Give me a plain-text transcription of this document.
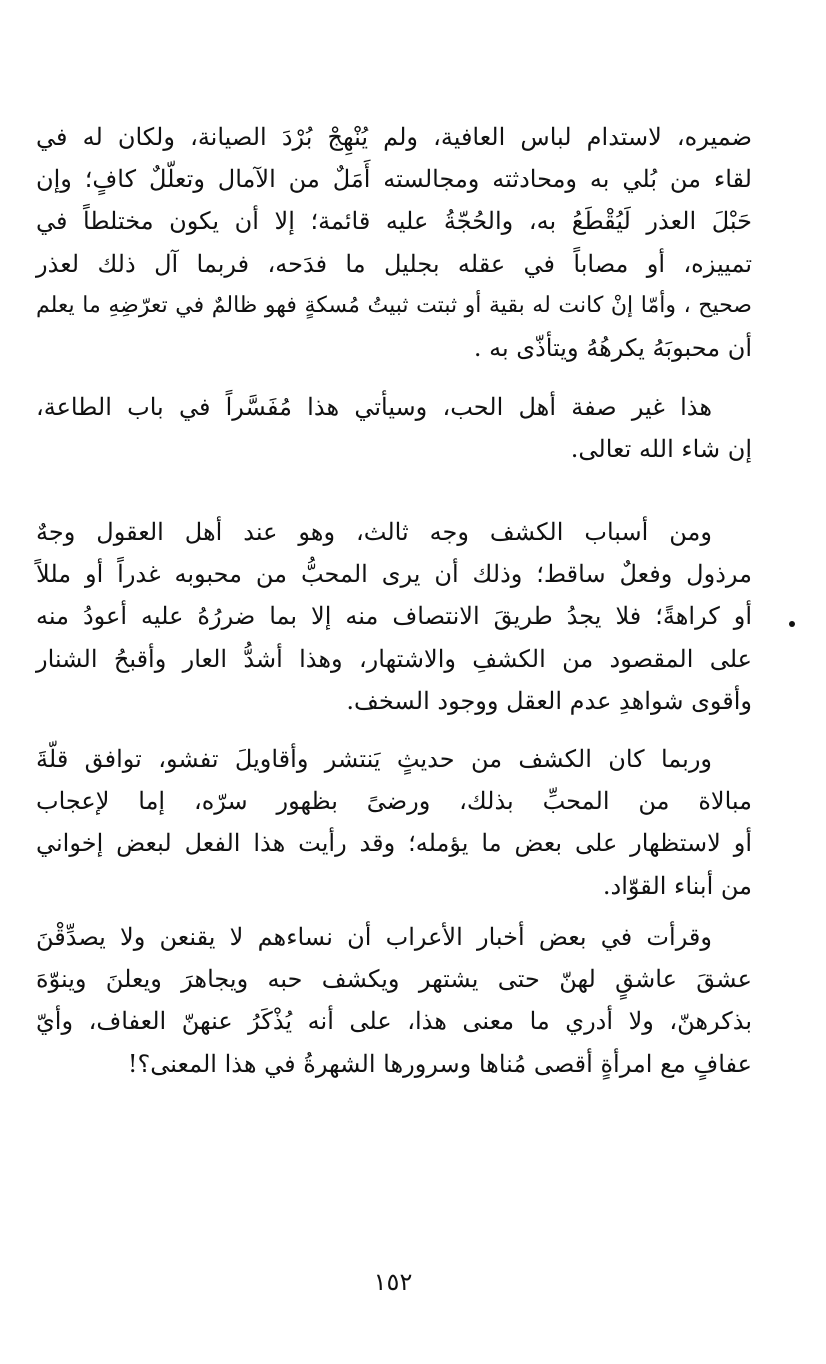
ضميره، لاستدام لباس العافية، ولم يُنْهِجْ بُرْدَ الصيانة، ولكان له في
لقاء من بُلي به ومحادثته ومجالسته أَمَلٌ من الآمال وتعلّلٌ كافٍ؛ وإن
حَبْلَ العذر لَيُقْطَعُ به، والحُجّةُ عليه قائمة؛ إلا أن يكون مختلطاً في
تمييزه، أو مصاباً في عقله بجليل ما فدَحه، فربما آل ذلك لعذر
صحيح ، وأمّا إنْ كانت له بقية أو ثبتت ثبيتُ مُسكةٍ فهو ظالمٌ في تعرّضِهِ ما يعلم
أن محبوبَهُ يكرهُهُ ويتأذّى به .
هذا غير صفة أهل الحب، وسيأتي هذا مُفَسَّراً في باب الطاعة،
إن شاء الله تعالى.
ومن أسباب الكشف وجه ثالث، وهو عند أهل العقول وجهٌ
مرذول وفعلٌ ساقط؛ وذلك أن يرى المحبُّ من محبوبه غدراً أو مللاً
أو كراهةً؛ فلا يجدُ طريقَ الانتصاف منه إلا بما ضررُهُ عليه أعودُ منه
على المقصود من الكشفِ والاشتهار، وهذا أشدُّ العار وأقبحُ الشنار
وأقوى شواهدِ عدم العقل ووجود السخف.
وربما كان الكشف من حديثٍ يَنتشر وأقاويلَ تفشو، توافق قلّةَ
مبالاة من المحبِّ بذلك، ورضىً بظهور سرّه، إما لإعجاب
أو لاستظهار على بعض ما يؤمله؛ وقد رأيت هذا الفعل لبعض إخواني
من أبناء القوّاد.
وقرأت في بعض أخبار الأعراب أن نساءهم لا يقنعن ولا يصدِّقْنَ
عشقَ عاشقٍ لهنّ حتى يشتهر ويكشف حبه ويجاهرَ ويعلنَ وينوّهَ
بذكرهنّ، ولا أدري ما معنى هذا، على أنه يُذْكَرُ عنهنّ العفاف، وأيّ
عفافٍ مع امرأةٍ أقصى مُناها وسرورها الشهرةُ في هذا المعنى؟!
١٥٢
